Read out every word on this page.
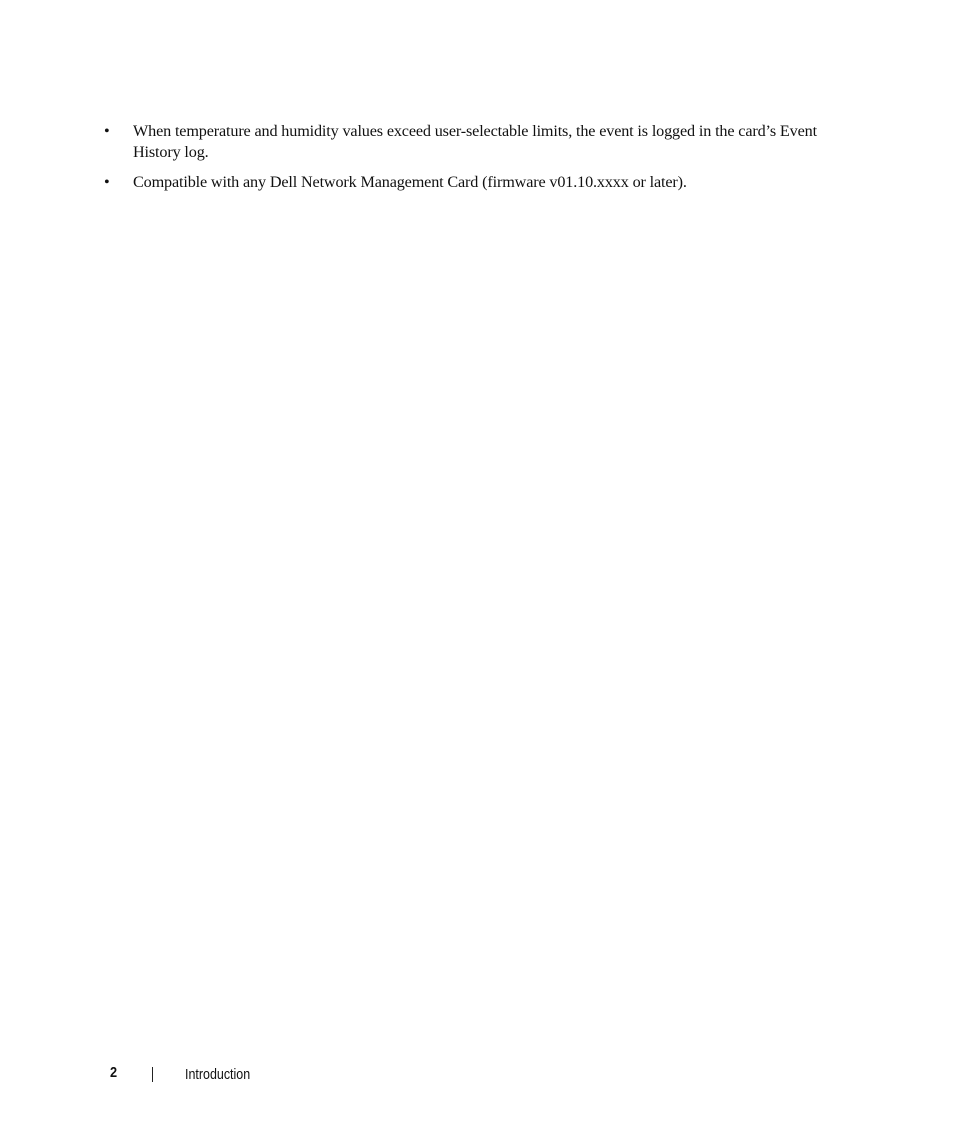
•	When temperature and humidity values exceed user-selectable limits, the event is logged in the card’s Event History log.
•	Compatible with any Dell Network Management Card (firmware v01.10.xxxx or later).
2	Introduction
